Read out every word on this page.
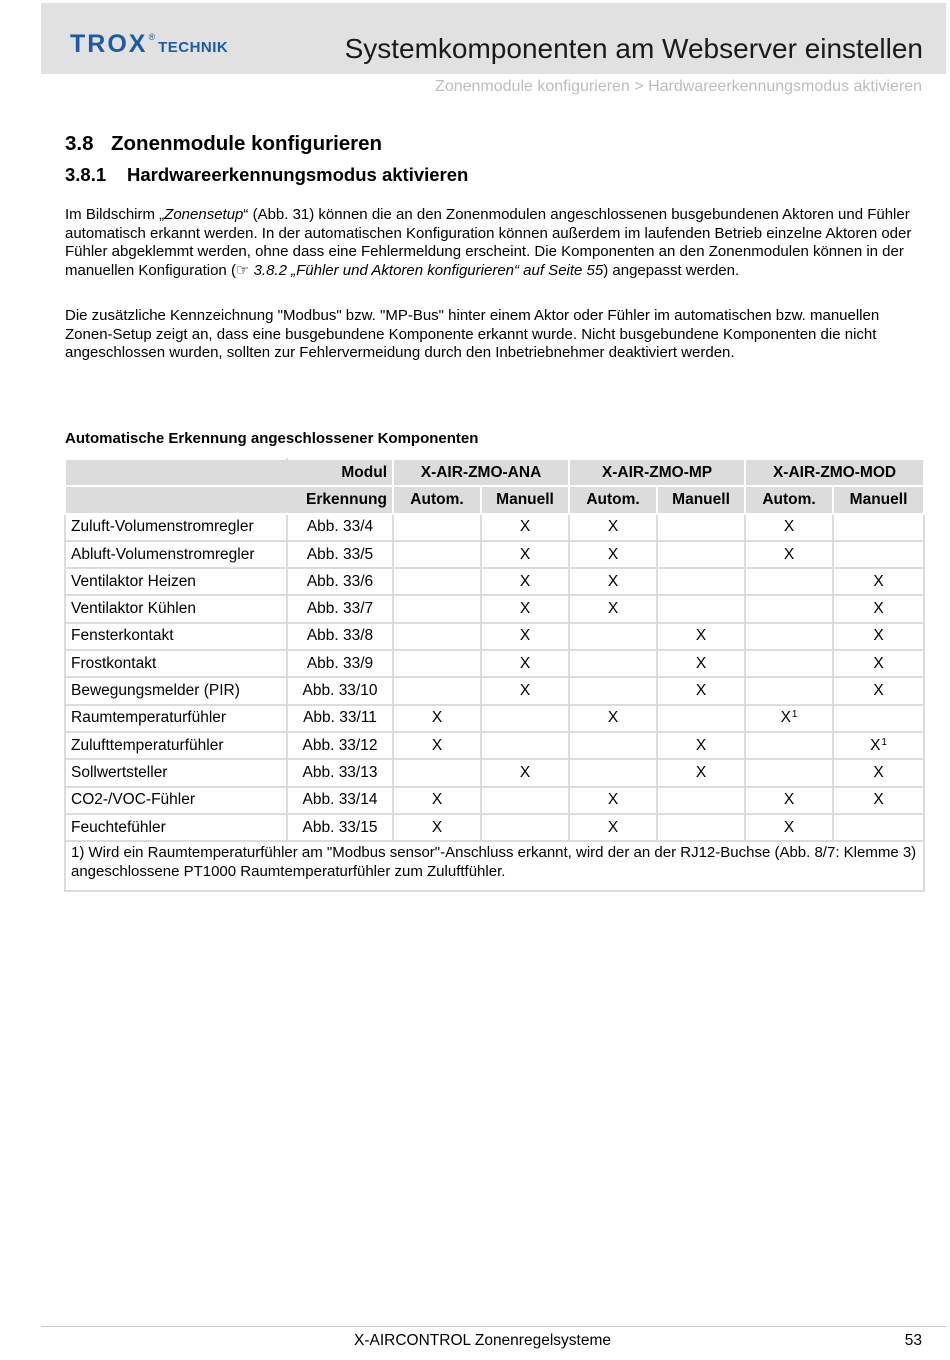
TROX ®
TECHNIK	Systemkomponenten am Webserver einstellen
Zonenmodule konfigurieren > Hardwareerkennungsmodus aktivieren
3.8 Zonenmodule konfigurieren
3.8.1 Hardwareerkennungsmodus aktivieren
Im Bildschirm „Zonensetup“ (Abb. 31) können die an den Zonenmodulen angeschlossenen busgebundenen Aktoren und Fühler automatisch erkannt werden. In der automatischen Konfiguration können außerdem im laufenden Betrieb einzelne Aktoren oder Fühler abgeklemmt werden, ohne dass eine Fehlermeldung erscheint. Die Komponenten an den Zonenmodulen können in der manuellen Konfiguration (☞ 3.8.2 „Fühler und Aktoren konfigurieren“ auf Seite 55) angepasst werden.
Die zusätzliche Kennzeichnung "Modbus" bzw. "MP-Bus" hinter einem Aktor oder Fühler im automatischen bzw. manuellen Zonen-Setup zeigt an, dass eine busgebundene Komponente erkannt wurde. Nicht busgebundene Komponenten die nicht angeschlossen wurden, sollten zur Fehlervermeidung durch den Inbetriebnehmer deaktiviert werden.
Automatische Erkennung angeschlossener Komponenten
	Modul	X-AIR-ZMO-ANA		X-AIR-ZMO-MP		X-AIR-ZMO-MOD	
	Erkennung	Autom.	Manuell	Autom.	Manuell	Autom.	Manuell
Zuluft-Volumenstromregler	Abb. 33/4		X	X		X	
Abluft-Volumenstromregler	Abb. 33/5		X	X		X	
Ventilaktor Heizen	Abb. 33/6		X	X			X
Ventilaktor Kühlen	Abb. 33/7		X	X			X
Fensterkontakt	Abb. 33/8		X		X		X
Frostkontakt	Abb. 33/9		X		X		X
Bewegungsmelder (PIR)	Abb. 33/10		X		X		X
Raumtemperaturfühler	Abb. 33/11	X		X		$X^1$	
Zulufttemperaturfühler	Abb. 33/12	X			X		$X^1$
Sollwertsteller	Abb. 33/13		X		X		X
CO2-/VOC-Fühler	Abb. 33/14	X		X		X	X
Feuchtefühler	Abb. 33/15	X		X		X	
1) Wird ein Raumtemperaturfühler am "Modbus sensor"-Anschluss erkannt, wird der an der RJ12-Buchse (Abb. 8/7: Klemme 3) angeschlossene PT1000 Raumtemperaturfühler zum Zuluftfühler.							
X-AIRCONTROL Zonenregelsysteme	53
